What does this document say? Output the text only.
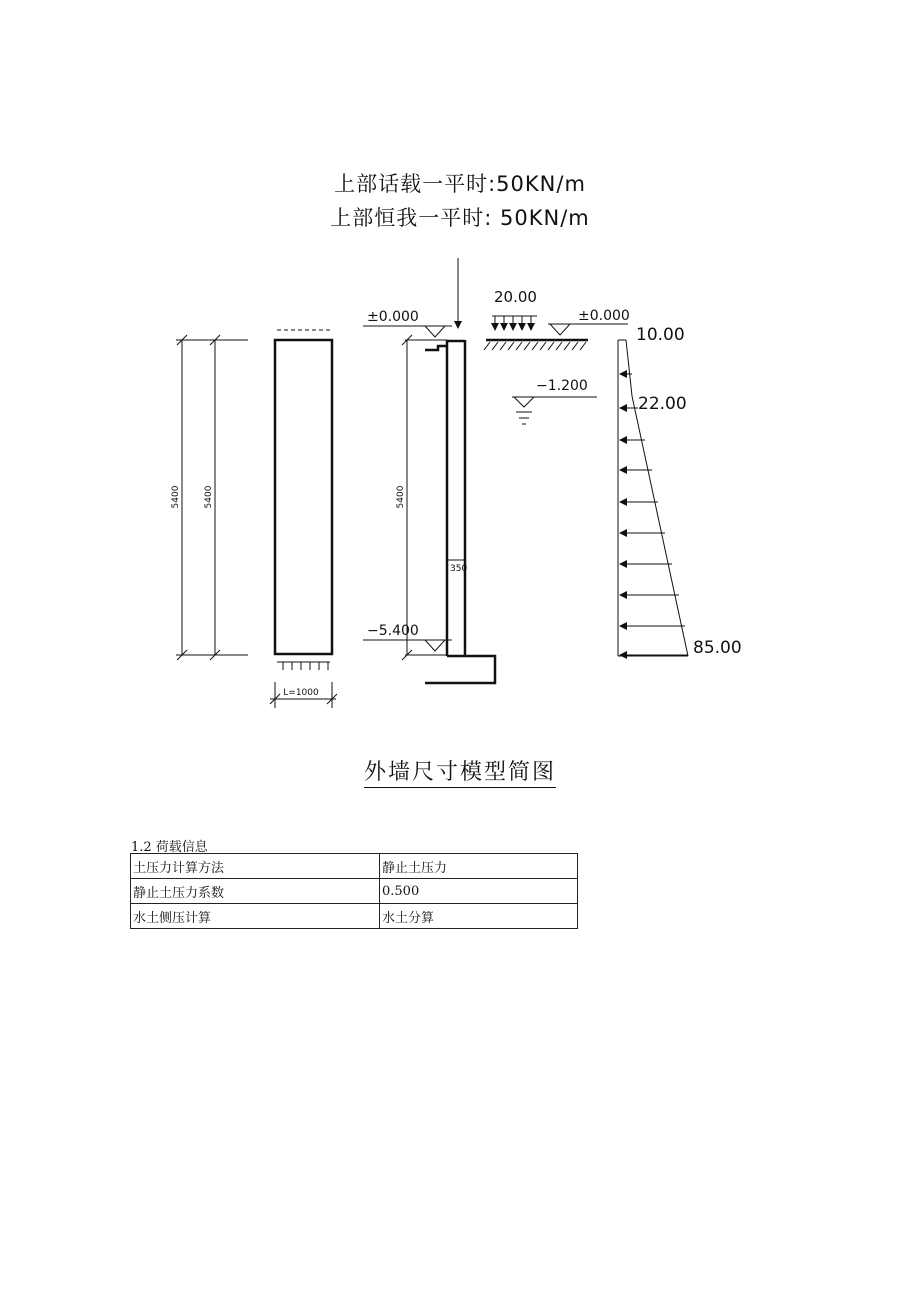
上部话载一平时:50KN/m
上部恒我一平时: 50KN/m
5400	5400
L=1000
5400
±0.000
−5.400
350
20.00
±0.000
−1.200
10.00
22.00
85.00
外墙尺寸模型简图
1.2 荷载信息
土压力计算方法	静止土压力
静止土压力系数	0.500
水土侧压计算	水土分算
